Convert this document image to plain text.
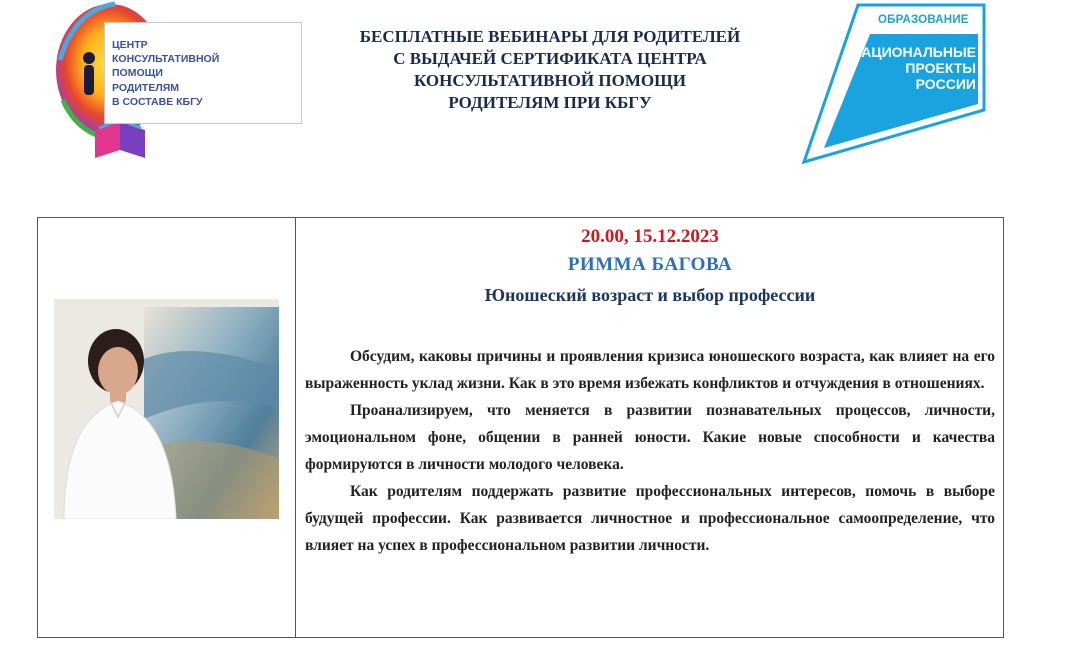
ЦЕНТР
КОНСУЛЬТАТИВНОЙ
ПОМОЩИ
РОДИТЕЛЯМ
В СОСТАВЕ КБГУ
БЕСПЛАТНЫЕ ВЕБИНАРЫ ДЛЯ РОДИТЕЛЕЙ
С ВЫДАЧЕЙ СЕРТИФИКАТА ЦЕНТРА
КОНСУЛЬТАТИВНОЙ ПОМОЩИ
РОДИТЕЛЯМ ПРИ КБГУ
ОБРАЗОВАНИЕ
НАЦИОНАЛЬНЫЕ
ПРОЕКТЫ
РОССИИ
20.00, 15.12.2023
РИММА БАГОВА
Юношеский возраст и выбор профессии

Обсудим, каковы причины и проявления кризиса юношеского возраста, как влияет на его выраженность уклад жизни. Как в это время избежать конфликтов и отчуждения в отношениях.

Проанализируем, что меняется в развитии познавательных процессов, личности, эмоциональном фоне, общении в ранней юности. Какие новые способности и качества формируются в личности молодого человека.

Как родителям поддержать развитие профессиональных интересов, помочь в выборе будущей профессии. Как развивается личностное и профессиональное самоопределение, что влияет на успех в профессиональном развитии личности.
